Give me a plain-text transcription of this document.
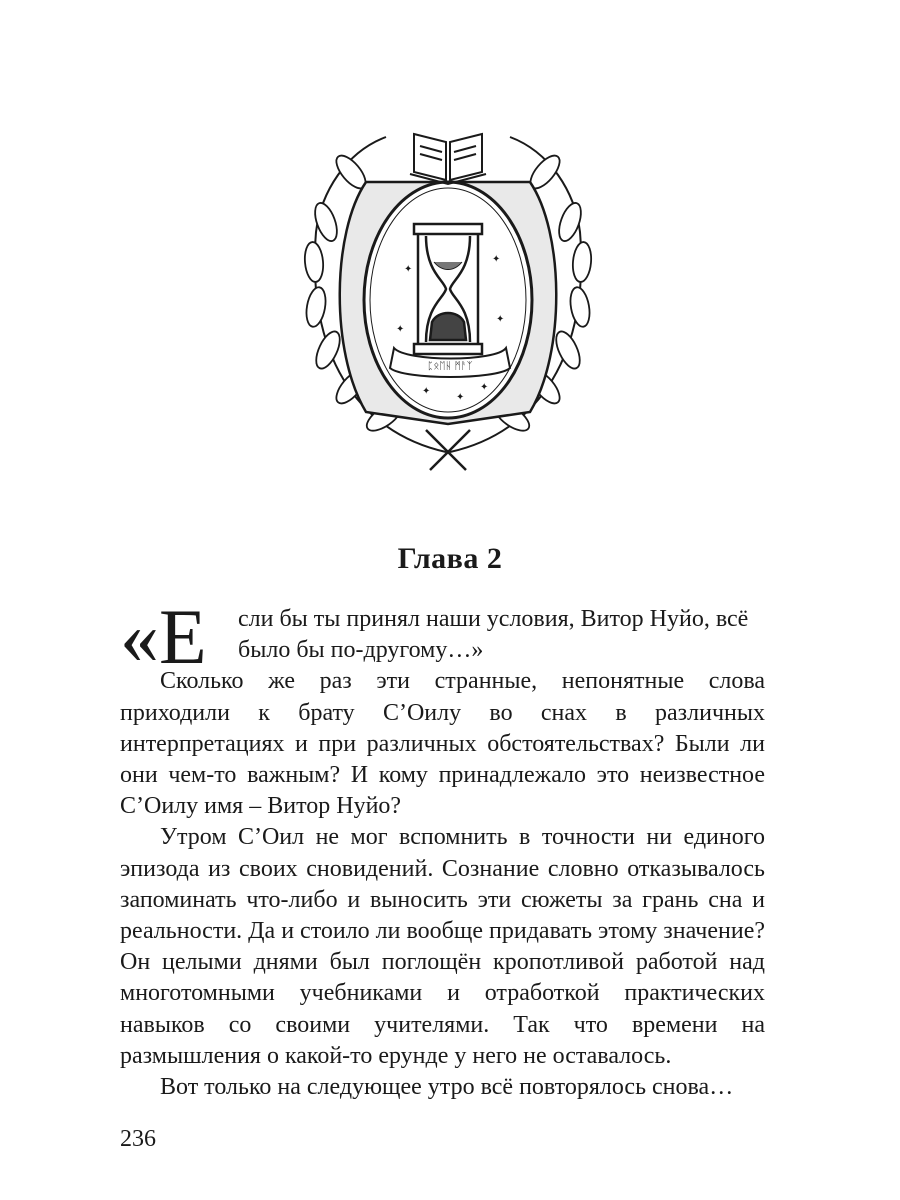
ᛈᛟᛖᚺ ᛗᚨᛉ
✦
✦
✦
✦
✦
✦
✦
Глава 2
«Е	сли бы ты принял наши условия, Витор Нуйо, всё
было бы по-другому…»

Сколько же раз эти странные, непонятные слова приходили к брату С’Оилу во снах в различных интерпретациях и при различных обстоятельствах? Были ли они чем-то важным? И кому принадлежало это неизвестное С’Оилу имя – Витор Нуйо?

Утром С’Оил не мог вспомнить в точности ни единого эпизода из своих сновидений. Сознание словно отказывалось запоминать что-либо и выносить эти сюжеты за грань сна и реальности. Да и стоило ли вообще придавать этому значение? Он целыми днями был поглощён кропотливой работой над многотомными учебниками и отработкой практических навыков со своими учителями. Так что времени на размышления о какой-то ерунде у него не оставалось.

Вот только на следующее утро всё повторялось снова…

236
